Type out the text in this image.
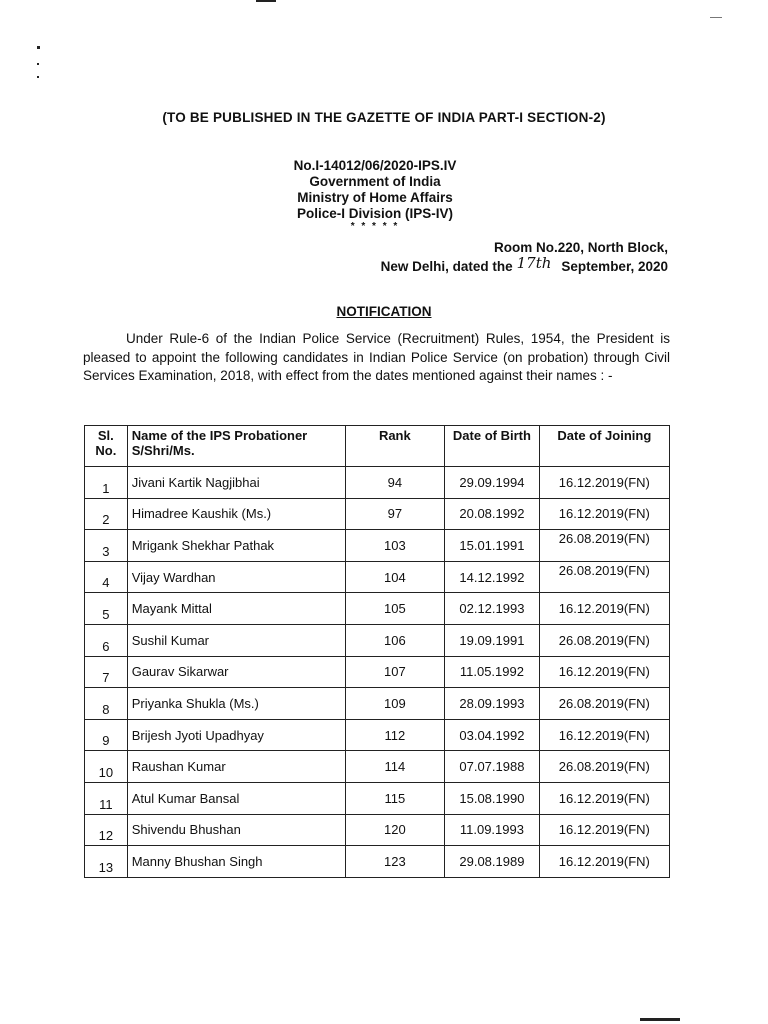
(TO BE PUBLISHED IN THE GAZETTE OF INDIA PART-I SECTION-2)
No.I-14012/06/2020-IPS.IV
Government of India
Ministry of Home Affairs
Police-I Division (IPS-IV)
* * * * *
Room No.220, North Block,
New Delhi, dated the 17th September, 2020
NOTIFICATION
Under Rule-6 of the Indian Police Service (Recruitment) Rules, 1954, the President is pleased to appoint the following candidates in Indian Police Service (on probation) through Civil Services Examination, 2018, with effect from the dates mentioned against their names : -
Sl. No.	Name of the IPS Probationer S/Shri/Ms.	Rank	Date of Birth	Date of Joining
1	Jivani Kartik Nagjibhai	94	29.09.1994	16.12.2019(FN)
2	Himadree Kaushik (Ms.)	97	20.08.1992	16.12.2019(FN)
3	Mrigank Shekhar Pathak	103	15.01.1991	26.08.2019(FN)
4	Vijay Wardhan	104	14.12.1992	26.08.2019(FN)
5	Mayank Mittal	105	02.12.1993	16.12.2019(FN)
6	Sushil Kumar	106	19.09.1991	26.08.2019(FN)
7	Gaurav Sikarwar	107	11.05.1992	16.12.2019(FN)
8	Priyanka Shukla (Ms.)	109	28.09.1993	26.08.2019(FN)
9	Brijesh Jyoti Upadhyay	112	03.04.1992	16.12.2019(FN)
10	Raushan Kumar	114	07.07.1988	26.08.2019(FN)
11	Atul Kumar Bansal	115	15.08.1990	16.12.2019(FN)
12	Shivendu Bhushan	120	11.09.1993	16.12.2019(FN)
13	Manny Bhushan Singh	123	29.08.1989	16.12.2019(FN)
